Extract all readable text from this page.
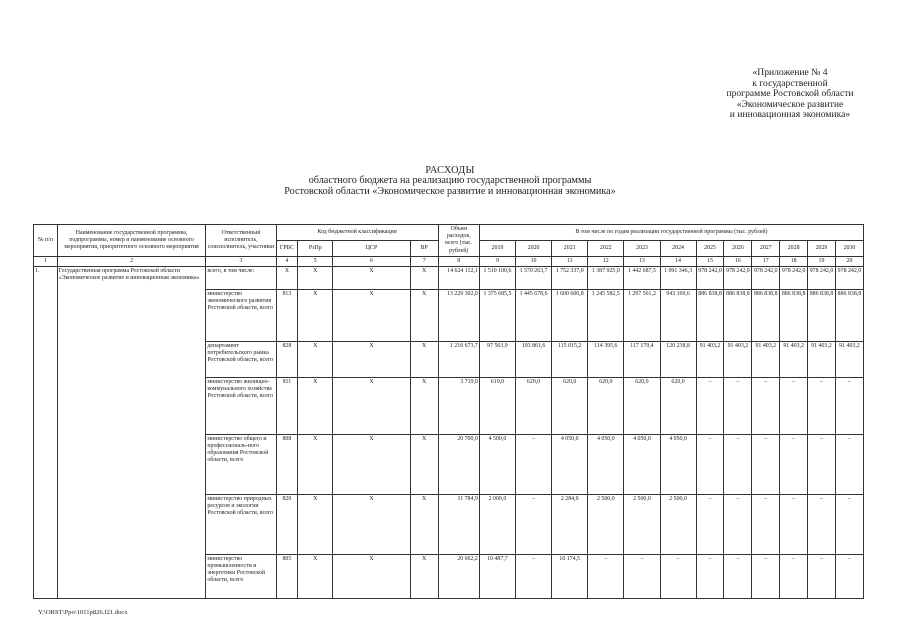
«Приложение № 4
к государственной
программе Ростовской области
«Экономическое развитие
и инновационная экономика»
РАСХОДЫ
областного бюджета на реализацию государственной программы
Ростовской области «Экономическое развитие и инновационная экономика»
№ п/п	Наименование государственной программы, подпрограммы, номер и наименование основного мероприятия, приоритетного основного мероприятия	Ответственный исполнитель, соисполнитель, участники	Код бюджетной классификации				Объем расходов, всего (тыс. рублей)	В том числе по годам реализации государственной программы (тыс. рублей)											
			ГРБС	РзПр	ЦСР	ВР		2019	2020	2021	2022	2023	2024	2025	2026	2027	2028	2029	2030
1	2	3	4	5	6	7	8	9	10	11	12	13	14	15	16	17	18	19	20
1.	Государственная программа Ростовской области «Экономическое развитие и инновационная экономика»	всего, в том числе:	Х	Х	Х	Х	14 624 112,1	1 510 100,6	1 570 263,7	1 752 337,0	1 387 925,0	1 442 687,5	1 091 346,3	978 242,0	978 242,0	978 242,0	978 242,0	978 242,0	978 242,0
		министерство экономического развития Ростовской области, всего	813	Х	Х	Х	13 229 302,0	1 375 685,5	1 445 678,6	1 600 600,8	1 245 582,5	1 297 561,2	943 160,6	886 838,8	886 838,8	886 838,8	886 838,8	886 838,8	886 838,8
		департамент потребительского рынка Ростовской области, всего	828	Х	Х	Х	1 216 673,7	97 563,9	103 861,6	115 015,2	114 395,6	117 179,4	120 238,8	91 403,2	91 403,2	91 403,2	91 403,2	91 403,2	91 403,2
		министерство жилищно-коммунального хозяйства Ростовской области, всего	811	Х	Х	Х	3 719,0	619,0	620,0	620,0	620,0	620,0	620,0	–	–	–	–	–	–
		министерство общего и профессиональ-ного образования Ростовской области, всего	808	Х	Х	Х	20 700,0	4 500,0	–	4 050,0	4 050,0	4 050,0	4 050,0	–	–	–	–	–	–
		министерство природных ресурсов и экологии Ростовской области, всего	820	Х	Х	Х	11 784,9	2 000,0	–	2 284,9	2 500,0	2 500,0	2 500,0	–	–	–	–	–	–
		министерство промышленности и энергетики Ростовской области, всего	805	Х	Х	Х	20 662,2	10 487,7	–	10 174,5	–	–	–	–	–	–	–	–	–
Y:\ORST\Ppo\1011p826.f21.docx
